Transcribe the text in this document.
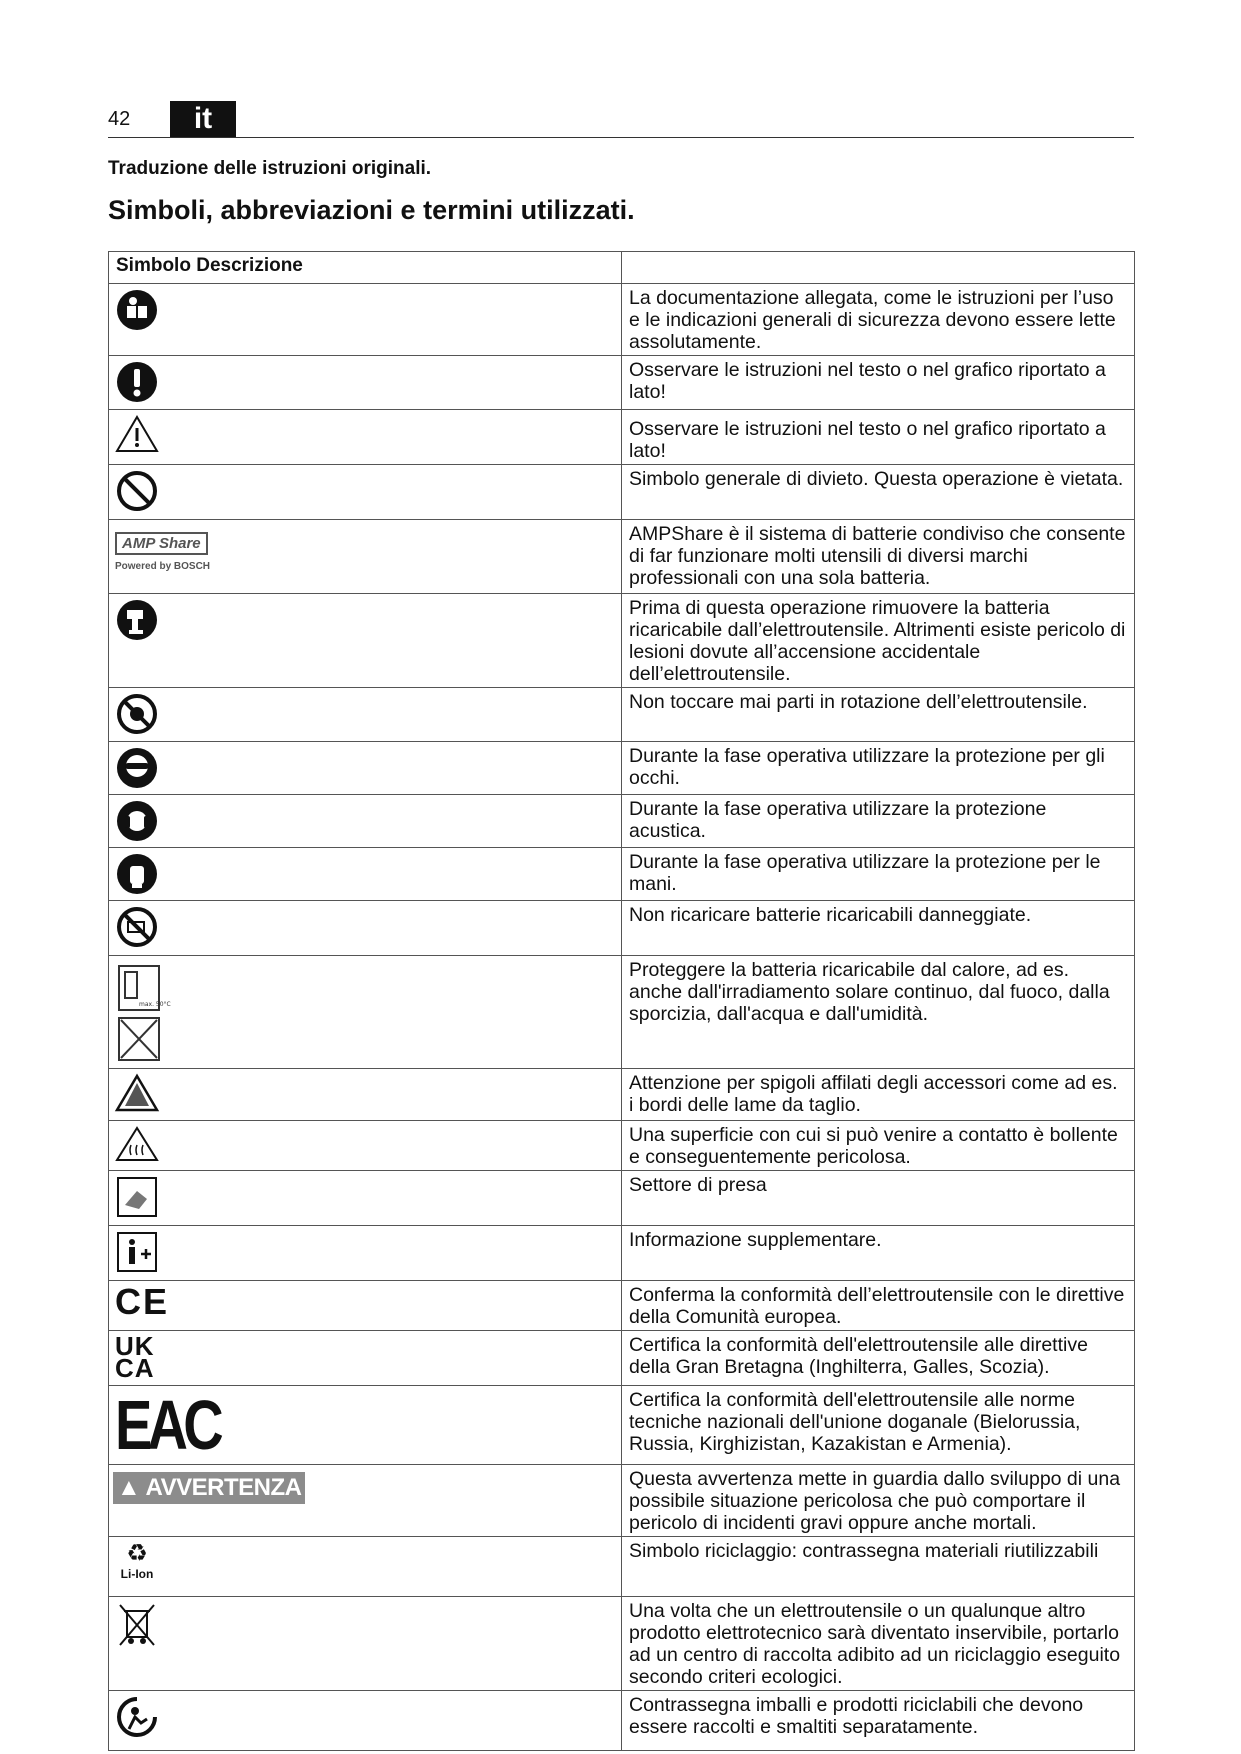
42	it
Traduzione delle istruzioni originali.
Simboli, abbreviazioni e termini utilizzati.
Simbolo Descrizione	

	La documentazione allegata, come le istruzioni per l’uso e le indicazioni generali di sicurezza devono essere lette assolutamente.

	Osservare le istruzioni nel testo o nel grafico riportato a lato!

	Osservare le istruzioni nel testo o nel grafico riportato a lato!

	Simbolo generale di divieto. Questa operazione è vietata.

AMP Share
Powered by BOSCH	AMPShare è il sistema di batterie condiviso che consente di far funzionare molti utensili di diversi marchi professionali con una sola batteria.

	Prima di questa operazione rimuovere la batteria ricaricabile dall’elettroutensile. Altrimenti esiste pericolo di lesioni dovute all’accensione accidentale dell’elettroutensile.

	Non toccare mai parti in rotazione dell’elettroutensile.

	Durante la fase operativa utilizzare la protezione per gli occhi.

	Durante la fase operativa utilizzare la protezione acustica.

	Durante la fase operativa utilizzare la protezione per le mani.

	Non ricaricare batterie ricaricabili danneggiate.

max. 50°C	Proteggere la batteria ricaricabile dal calore, ad es. anche dall'irradiamento solare continuo, dal fuoco, dalla sporcizia, dall'acqua e dall'umidità.

	Attenzione per spigoli affilati degli accessori come ad es. i bordi delle lame da taglio.

	Una superficie con cui si può venire a contatto è bollente e conseguentemente pericolosa.

	Settore di presa

	Informazione supplementare.

CE	Conferma la conformità dell’elettroutensile con le direttive della Comunità europea.

UK
CA	Certifica la conformità dell'elettroutensile alle direttive della Gran Bretagna (Inghilterra, Galles, Scozia).

EAC	Certifica la conformità dell'elettroutensile alle norme tecniche nazionali dell'unione doganale (Bielorussia, Russia, Kirghizistan, Kazakistan e Armenia).
▲ AVVERTENZA	Questa avvertenza mette in guardia dallo sviluppo di una possibile situazione pericolosa che può comportare il pericolo di incidenti gravi oppure anche mortali.

♻
Li-Ion	Simbolo riciclaggio: contrassegna materiali riutilizzabili

	Una volta che un elettroutensile o un qualunque altro prodotto elettrotecnico sarà diventato inservibile, portarlo ad un centro di raccolta adibito ad un riciclaggio eseguito secondo criteri ecologici.

	Contrassegna imballi e prodotti riciclabili che devono essere raccolti e smaltiti separatamente.
